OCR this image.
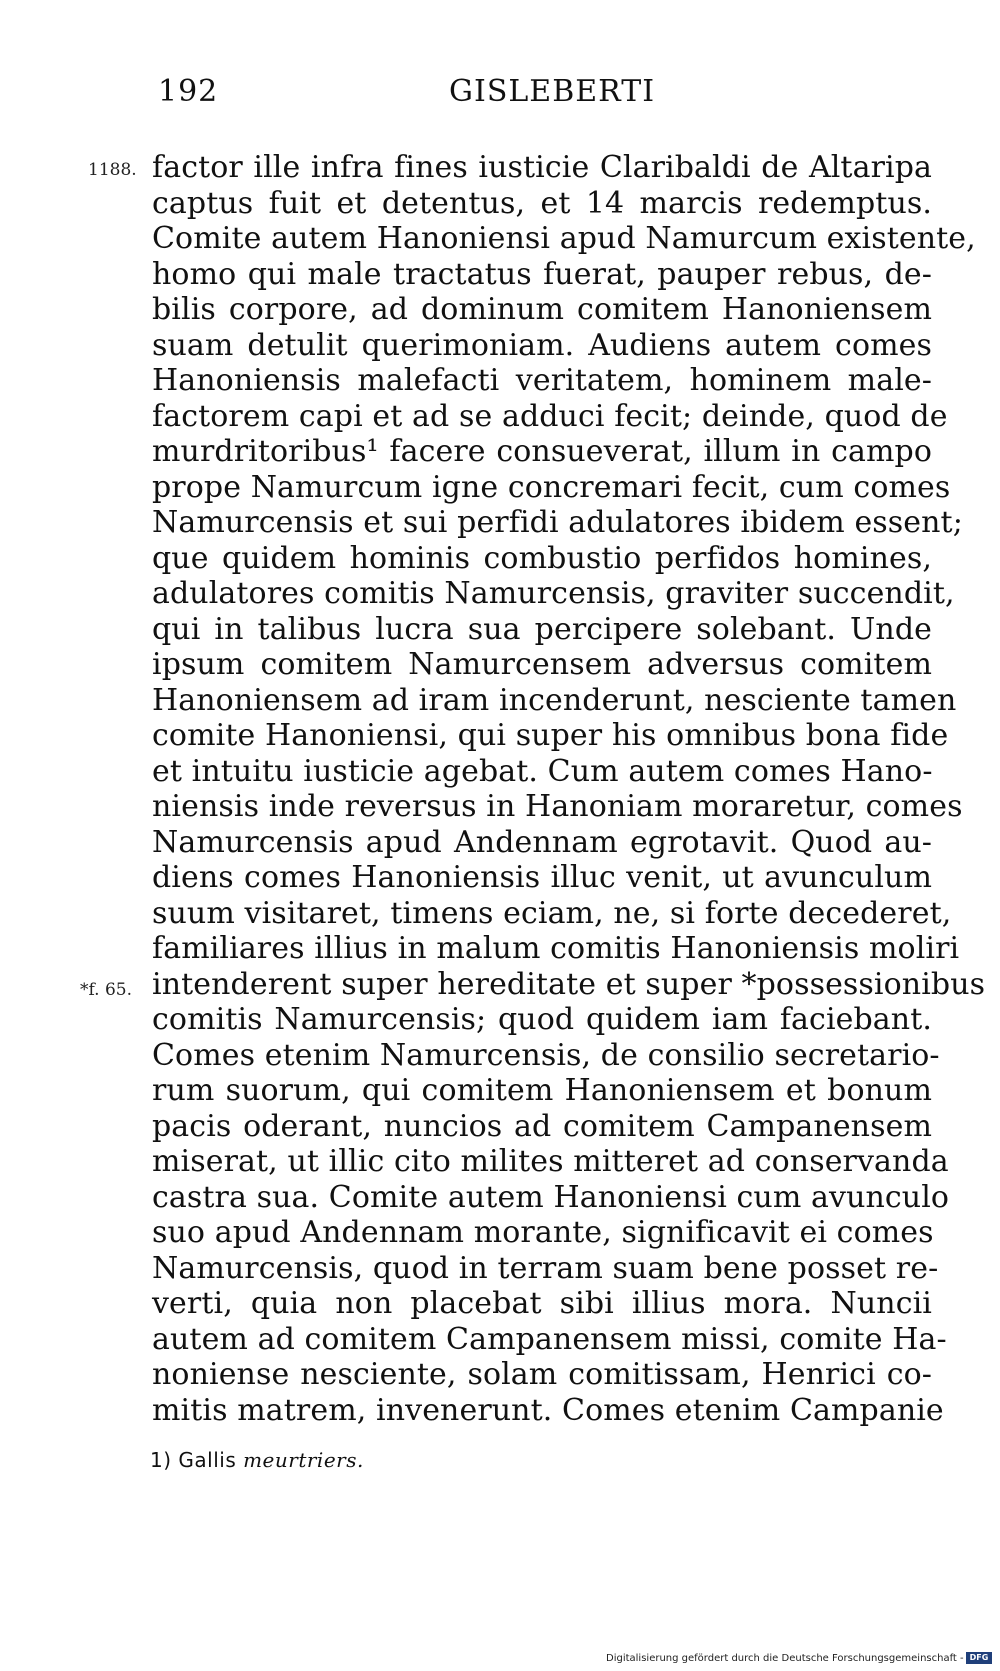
192	GISLEBERTI
1188.
*f. 65.
factor ille infra fines iusticie Claribaldi de Altaripa
captus fuit et detentus, et 14 marcis redemptus.
Comite autem Hanoniensi apud Namurcum existente,
homo qui male tractatus fuerat, pauper rebus, de-
bilis corpore, ad dominum comitem Hanoniensem
suam detulit querimoniam. Audiens autem comes
Hanoniensis malefacti veritatem, hominem male-
factorem capi et ad se adduci fecit; deinde, quod de
murdritoribus¹ facere consueverat, illum in campo
prope Namurcum igne concremari fecit, cum comes
Namurcensis et sui perfidi adulatores ibidem essent;
que quidem hominis combustio perfidos homines,
adulatores comitis Namurcensis, graviter succendit,
qui in talibus lucra sua percipere solebant. Unde
ipsum comitem Namurcensem adversus comitem
Hanoniensem ad iram incenderunt, nesciente tamen
comite Hanoniensi, qui super his omnibus bona fide
et intuitu iusticie agebat. Cum autem comes Hano-
niensis inde reversus in Hanoniam moraretur, comes
Namurcensis apud Andennam egrotavit. Quod au-
diens comes Hanoniensis illuc venit, ut avunculum
suum visitaret, timens eciam, ne, si forte decederet,
familiares illius in malum comitis Hanoniensis moliri
intenderent super hereditate et super *possessionibus
comitis Namurcensis; quod quidem iam faciebant.
Comes etenim Namurcensis, de consilio secretario-
rum suorum, qui comitem Hanoniensem et bonum
pacis oderant, nuncios ad comitem Campanensem
miserat, ut illic cito milites mitteret ad conservanda
castra sua. Comite autem Hanoniensi cum avunculo
suo apud Andennam morante, significavit ei comes
Namurcensis, quod in terram suam bene posset re-
verti, quia non placebat sibi illius mora. Nuncii
autem ad comitem Campanensem missi, comite Ha-
noniense nesciente, solam comitissam, Henrici co-
mitis matrem, invenerunt. Comes etenim Campanie
1) Gallis meurtriers.
Digitalisierung gefördert durch die Deutsche Forschungsgemeinschaft - DFG
